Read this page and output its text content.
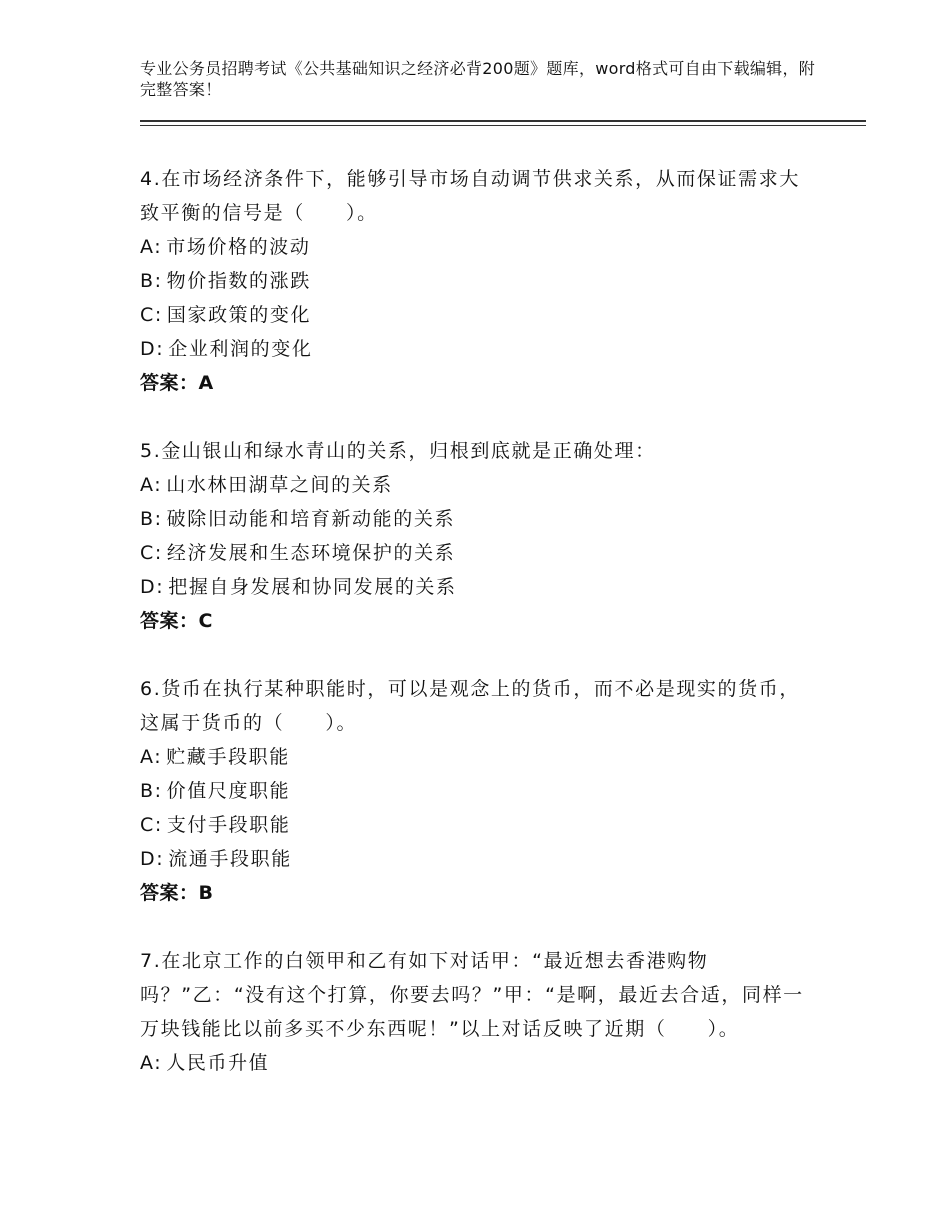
专业公务员招聘考试《公共基础知识之经济必背200题》题库，word格式可自由下载编辑，附完整答案！

4.在市场经济条件下，能够引导市场自动调节供求关系，从而保证需求大致平衡的信号是（　　）。

A: 市场价格的波动

B: 物价指数的涨跌

C: 国家政策的变化

D: 企业利润的变化

答案：A

5.金山银山和绿水青山的关系，归根到底就是正确处理：

A: 山水林田湖草之间的关系

B: 破除旧动能和培育新动能的关系

C: 经济发展和生态环境保护的关系

D: 把握自身发展和协同发展的关系

答案：C

6.货币在执行某种职能时，可以是观念上的货币，而不必是现实的货币，这属于货币的（　　）。

A: 贮藏手段职能

B: 价值尺度职能

C: 支付手段职能

D: 流通手段职能

答案：B

7.在北京工作的白领甲和乙有如下对话甲：“最近想去香港购物吗？”乙：“没有这个打算，你要去吗？”甲：“是啊，最近去合适，同样一万块钱能比以前多买不少东西呢！”以上对话反映了近期（　　）。

A: 人民币升值
